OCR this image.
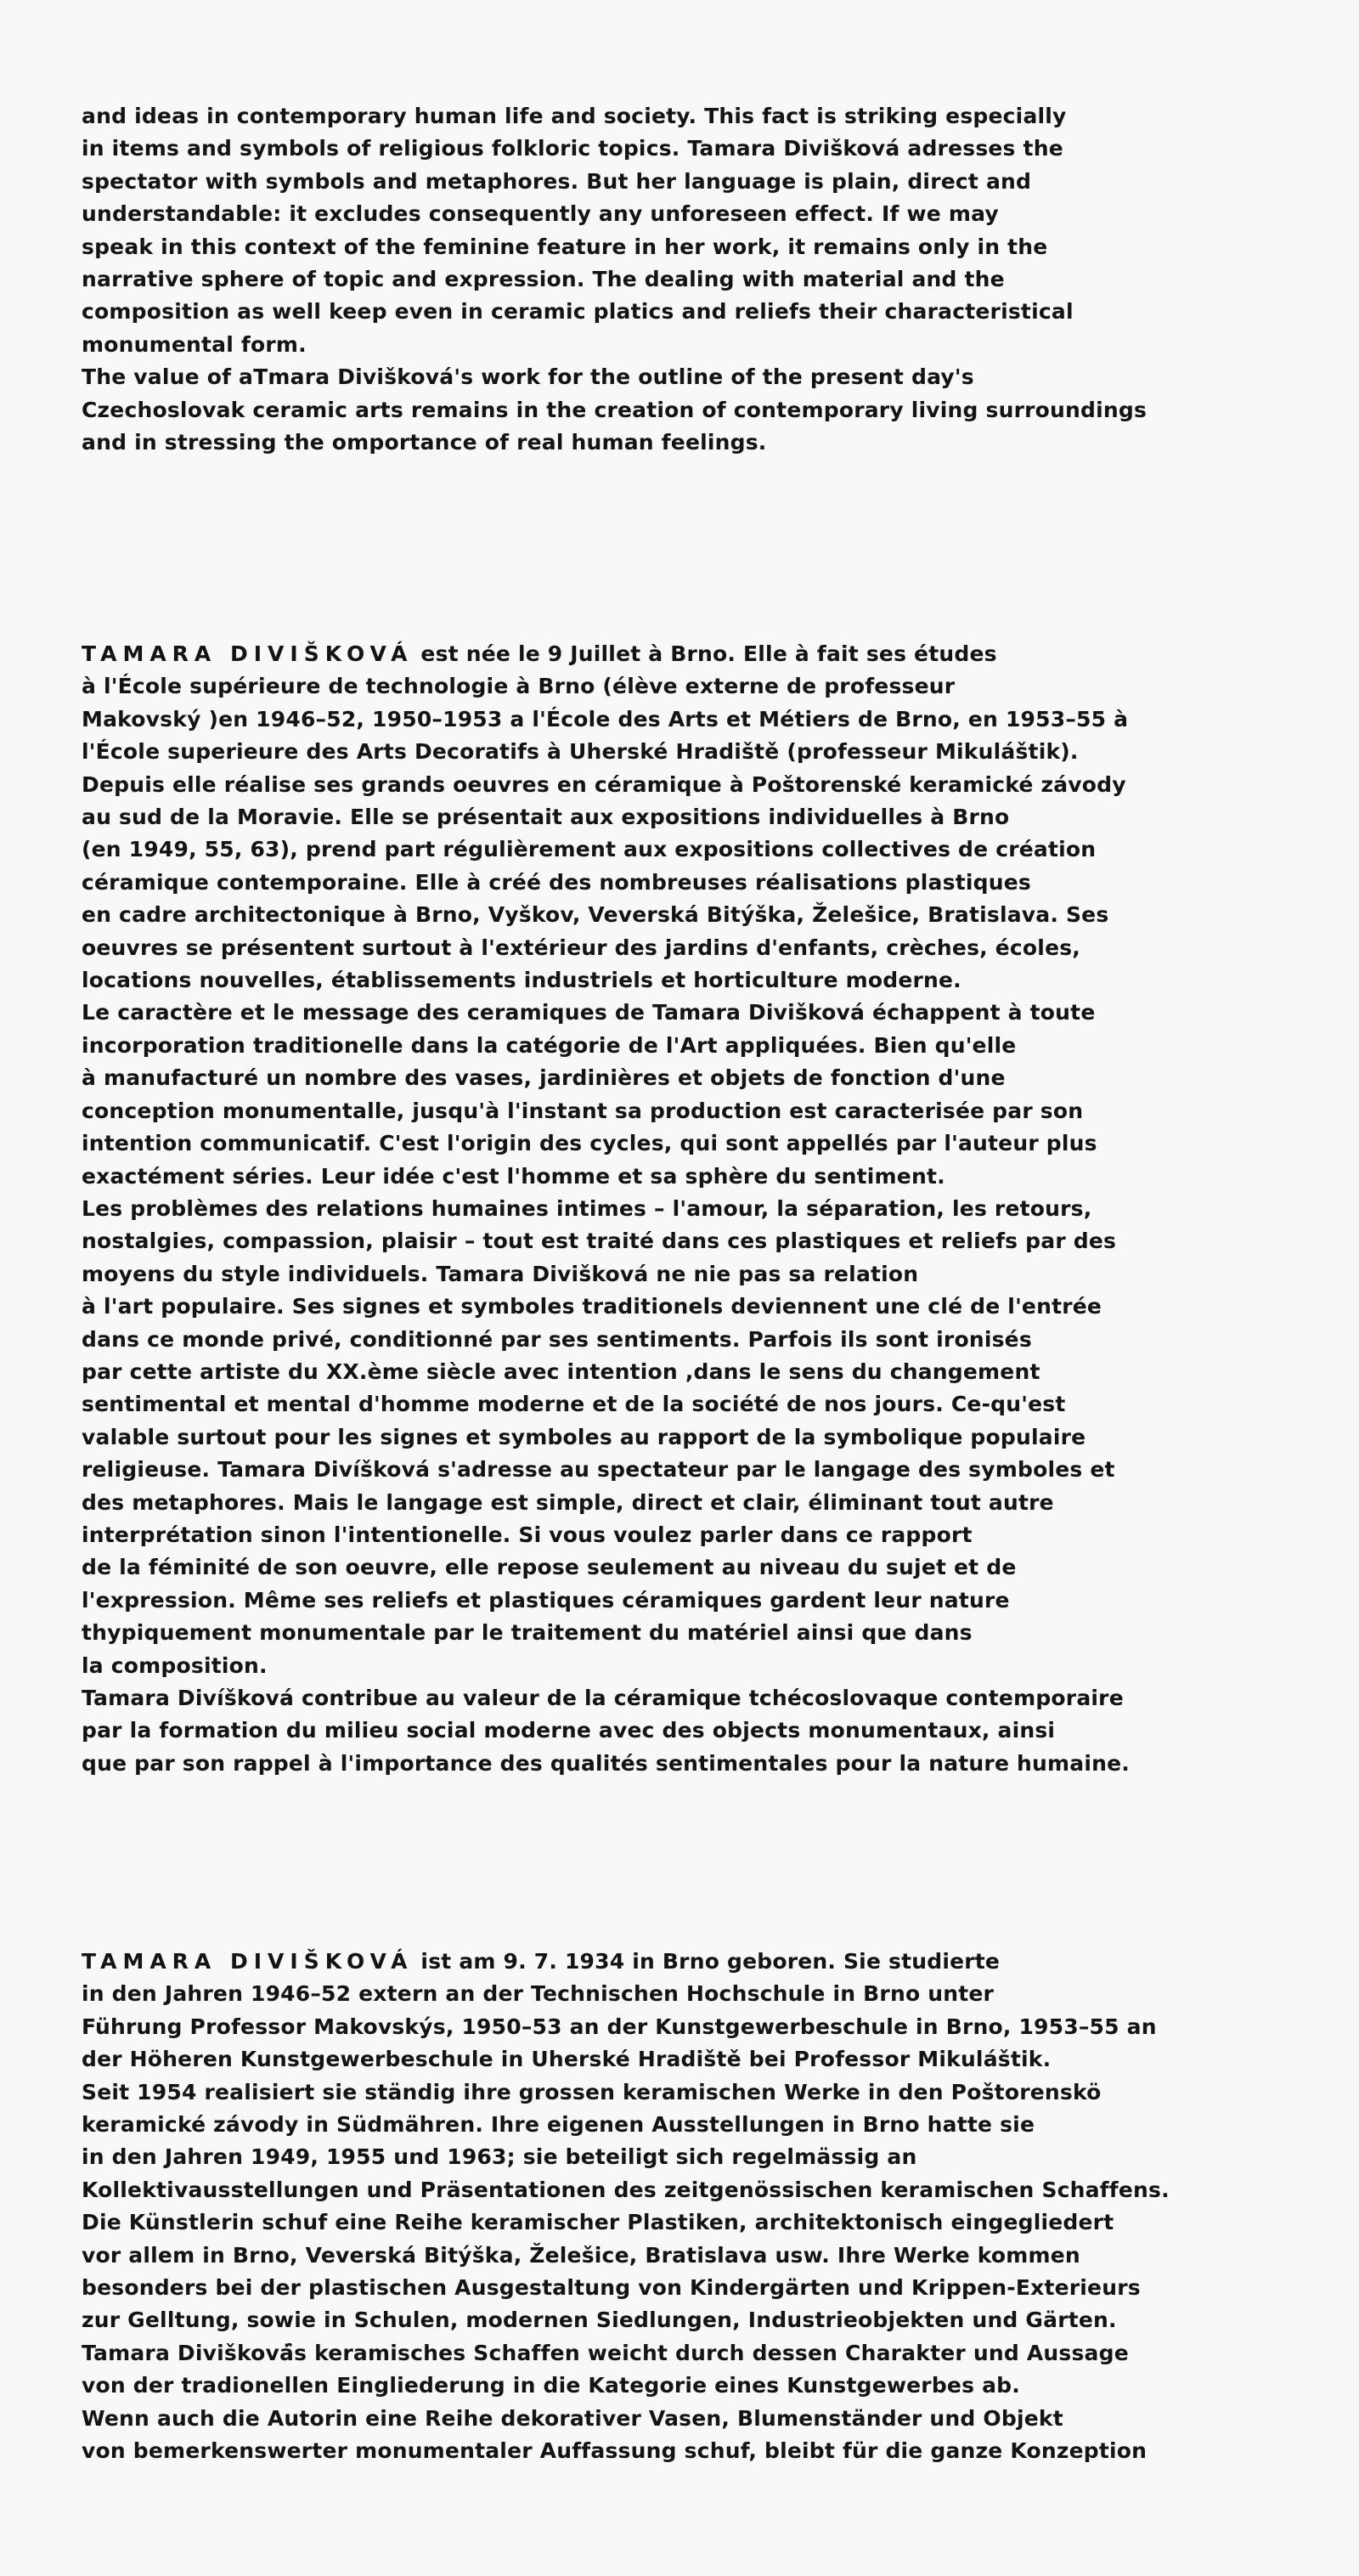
and ideas in contemporary human life and society. This fact is striking especially
in items and symbols of religious folkloric topics. Tamara Divišková adresses the
spectator with symbols and metaphores. But her language is plain, direct and
understandable: it excludes consequently any unforeseen effect. If we may
speak in this context of the feminine feature in her work, it remains only in the
narrative sphere of topic and expression. The dealing with material and the
composition as well keep even in ceramic platics and reliefs their characteristical
monumental form.
The value of aTmara Divišková's work for the outline of the present day's
Czechoslovak ceramic arts remains in the creation of contemporary living surroundings
and in stressing the omportance of real human feelings.
TAMARA DIVIŠKOVÁ est née le 9 Juillet à Brno. Elle à fait ses études
à l'École supérieure de technologie à Brno (élève externe de professeur
Makovský )en 1946–52, 1950–1953 a l'École des Arts et Métiers de Brno, en 1953–55 à
l'École superieure des Arts Decoratifs à Uherské Hradiště (professeur Mikuláštik).
Depuis elle réalise ses grands oeuvres en céramique à Poštorenské keramické závody
au sud de la Moravie. Elle se présentait aux expositions individuelles à Brno
(en 1949, 55, 63), prend part régulièrement aux expositions collectives de création
céramique contemporaine. Elle à créé des nombreuses réalisations plastiques
en cadre architectonique à Brno, Vyškov, Veverská Bitýška, Želešice, Bratislava. Ses
oeuvres se présentent surtout à l'extérieur des jardins d'enfants, crèches, écoles,
locations nouvelles, établissements industriels et horticulture moderne.
Le caractère et le message des ceramiques de Tamara Divišková échappent à toute
incorporation traditionelle dans la catégorie de l'Art appliquées. Bien qu'elle
à manufacturé un nombre des vases, jardinières et objets de fonction d'une
conception monumentalle, jusqu'à l'instant sa production est caracterisée par son
intention communicatif. C'est l'origin des cycles, qui sont appellés par l'auteur plus
exactément séries. Leur idée c'est l'homme et sa sphère du sentiment.
Les problèmes des relations humaines intimes – l'amour, la séparation, les retours,
nostalgies, compassion, plaisir – tout est traité dans ces plastiques et reliefs par des
moyens du style individuels. Tamara Divišková ne nie pas sa relation
à l'art populaire. Ses signes et symboles traditionels deviennent une clé de l'entrée
dans ce monde privé, conditionné par ses sentiments. Parfois ils sont ironisés
par cette artiste du XX.ème siècle avec intention ,dans le sens du changement
sentimental et mental d'homme moderne et de la société de nos jours. Ce-qu'est
valable surtout pour les signes et symboles au rapport de la symbolique populaire
religieuse. Tamara Divíšková s'adresse au spectateur par le langage des symboles et
des metaphores. Mais le langage est simple, direct et clair, éliminant tout autre
interprétation sinon l'intentionelle. Si vous voulez parler dans ce rapport
de la féminité de son oeuvre, elle repose seulement au niveau du sujet et de
l'expression. Même ses reliefs et plastiques céramiques gardent leur nature
thypiquement monumentale par le traitement du matériel ainsi que dans
la composition.
Tamara Divíšková contribue au valeur de la céramique tchécoslovaque contemporaire
par la formation du milieu social moderne avec des objects monumentaux, ainsi
que par son rappel à l'importance des qualités sentimentales pour la nature humaine.
TAMARA DIVIŠKOVÁ ist am 9. 7. 1934 in Brno geboren. Sie studierte
in den Jahren 1946–52 extern an der Technischen Hochschule in Brno unter
Führung Professor Makovskýs, 1950–53 an der Kunstgewerbeschule in Brno, 1953–55 an
der Höheren Kunstgewerbeschule in Uherské Hradiště bei Professor Mikuláštik.
Seit 1954 realisiert sie ständig ihre grossen keramischen Werke in den Poštorenskö
keramické závody in Südmähren. Ihre eigenen Ausstellungen in Brno hatte sie
in den Jahren 1949, 1955 und 1963; sie beteiligt sich regelmässig an
Kollektivausstellungen und Präsentationen des zeitgenössischen keramischen Schaffens.
Die Künstlerin schuf eine Reihe keramischer Plastiken, architektonisch eingegliedert
vor allem in Brno, Veverská Bitýška, Želešice, Bratislava usw. Ihre Werke kommen
besonders bei der plastischen Ausgestaltung von Kindergärten und Krippen-Exterieurs
zur Gelltung, sowie in Schulen, modernen Siedlungen, Industrieobjekten und Gärten.
Tamara Divišková̈s keramisches Schaffen weicht durch dessen Charakter und Aussage
von der tradionellen Eingliederung in die Kategorie eines Kunstgewerbes ab.
Wenn auch die Autorin eine Reihe dekorativer Vasen, Blumenständer und Objekt
von bemerkenswerter monumentaler Auffassung schuf, bleibt für die ganze Konzeption
